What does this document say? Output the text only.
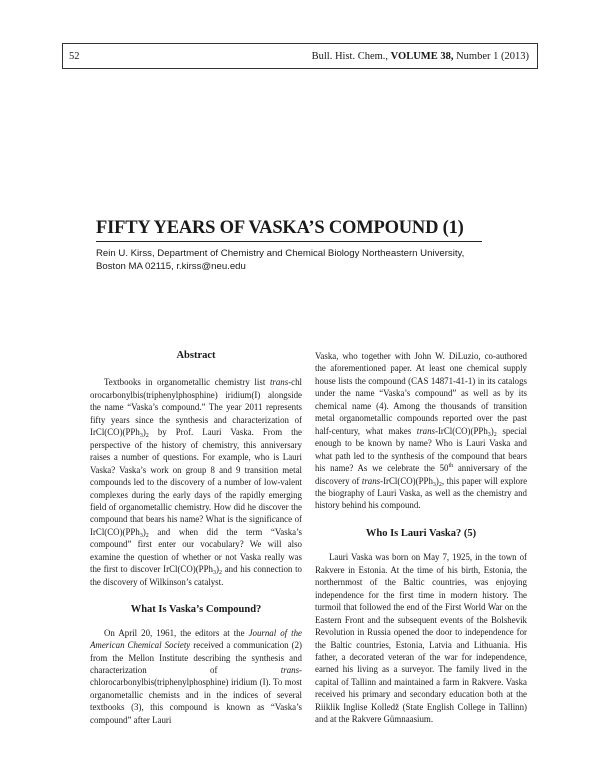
52	Bull. Hist. Chem., VOLUME 38, Number 1 (2013)
FIFTY YEARS OF VASKA’S COMPOUND (1)
Rein U. Kirss, Department of Chemistry and Chemical Biology Northeastern University,
Boston MA 02115, r.kirss@neu.edu
Abstract

Textbooks in organometallic chemistry list trans-chl orocarbonylbis(triphenylphosphine) iridium(I) alongside the name “Vaska’s compound.” The year 2011 represents fifty years since the synthesis and characterization of $IrCl(CO)(PPh_3)_2$ by Prof. Lauri Vaska. From the perspective of the history of chemistry, this anniversary raises a number of questions. For example, who is Lauri Vaska? Vaska’s work on group 8 and 9 transition metal compounds led to the discovery of a number of low-valent complexes during the early days of the rapidly emerging field of organometallic chemistry. How did he discover the compound that bears his name? What is the significance of $IrCl(CO)(PPh_3)_2$ and when did the term “Vaska’s compound” first enter our vocabulary? We will also examine the question of whether or not Vaska really was the first to discover $IrCl(CO)(PPh_3)_2$ and his connection to the discovery of Wilkinson’s catalyst.

What Is Vaska’s Compound?

On April 20, 1961, the editors at the Journal of the American Chemical Society received a communication (2) from the Mellon Institute describing the synthesis and characterization of	trans-chlorocarbonylbis(triphenylphosphine) iridium (I). To most organometallic chemists and in the indices of several textbooks (3), this compound is known as “Vaska’s compound” after Lauri

Vaska, who together with John W. DiLuzio, co-authored the aforementioned paper. At least one chemical supply house lists the compound (CAS 14871-41-1) in its catalogs under the name “Vaska’s compound” as well as by its chemical name (4). Among the thousands of transition metal organometallic compounds reported over the past half-century, what makes trans-$IrCl(CO)(PPh_3)_2$ special enough to be known by name? Who is Lauri Vaska and what path led to the synthesis of the compound that bears his name? As we celebrate the 50th anniversary of the discovery of trans-$IrCl(CO)(PPh_3)_2$, this paper will explore the biography of Lauri Vaska, as well as the chemistry and history behind his compound.

Who Is Lauri Vaska? (5)

Lauri Vaska was born on May 7, 1925, in the town of Rakvere in Estonia. At the time of his birth, Estonia, the northernmost of the Baltic countries, was enjoying independence for the first time in modern history. The turmoil that followed the end of the First World War on the Eastern Front and the subsequent events of the Bolshevik Revolution in Russia opened the door to independence for the Baltic countries, Estonia, Latvia and Lithuania. His father, a decorated veteran of the war for independence, earned his living as a surveyor. The family lived in the capital of Tallinn and maintained a farm in Rakvere. Vaska received his primary and secondary education both at the Riiklik Inglise Kolledž (State English College in Tallinn) and at the Rakvere Gümnaasium.
